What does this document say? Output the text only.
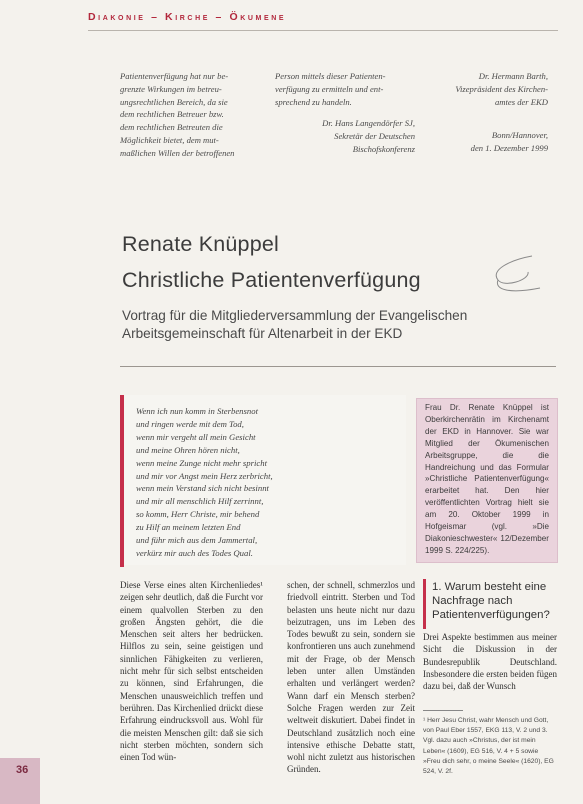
Diakonie – Kirche – Ökumene
Patientenverfügung hat nur be-
grenzte Wirkungen im betreu-
ungsrechtlichen Bereich, da sie
dem rechtlichen Betreuer bzw.
dem rechtlichen Betreuten die
Möglichkeit bietet, dem mut-
maßlichen Willen der betroffenen
Person mittels dieser Patienten-
verfügung zu ermitteln und ent-
sprechend zu handeln.
Dr. Hans Langendörfer SJ,
Sekretär der Deutschen
Bischofskonferenz
Dr. Hermann Barth,
Vizepräsident des Kirchen-
amtes der EKD
Bonn/Hannover,
den 1. Dezember 1999
Renate Knüppel
Christliche Patientenverfügung
Vortrag für die Mitgliederversammlung der Evangelischen Arbeitsgemeinschaft für Altenarbeit in der EKD
Wenn ich nun komm in Sterbensnot
und ringen werde mit dem Tod,
wenn mir vergeht all mein Gesicht
und meine Ohren hören nicht,
wenn meine Zunge nicht mehr spricht
und mir vor Angst mein Herz zerbricht,
wenn mein Verstand sich nicht besinnt
und mir all menschlich Hilf zerrinnt,
so komm, Herr Christe, mir behend
zu Hilf an meinem letzten End
und führ mich aus dem Jammertal,
verkürz mir auch des Todes Qual.
Frau Dr. Renate Knüppel ist Oberkirchenrätin im Kirchenamt der EKD in Hannover. Sie war Mitglied der Ökumenischen Arbeitsgruppe, die die Handreichung und das Formular »Christliche Patientenverfügung« erarbeitet hat. Den hier veröffentlichten Vortrag hielt sie am 20. Oktober 1999 in Hofgeismar (vgl. »Die Diakonieschwester« 12/Dezember 1999 S. 224/225).
Diese Verse eines alten Kirchenliedes¹ zeigen sehr deutlich, daß die Furcht vor einem qualvollen Sterben zu den großen Ängsten gehört, die die Menschen seit alters her bedrücken. Hilflos zu sein, seine geistigen und sinnlichen Fähigkeiten zu verlieren, nicht mehr für sich selbst entscheiden zu können, sind Erfahrungen, die Menschen unausweichlich treffen und berühren. Das Kirchenlied drückt diese Erfahrung eindrucksvoll aus. Wohl für die meisten Menschen gilt: daß sie sich nicht sterben möchten, sondern sich einen Tod wün-
schen, der schnell, schmerzlos und friedvoll eintritt. Sterben und Tod belasten uns heute nicht nur dazu beizutragen, uns im Leben des Todes bewußt zu sein, sondern sie konfrontieren uns auch zunehmend mit der Frage, ob der Mensch leben unter allen Umständen erhalten und verlängert werden? Wann darf ein Mensch sterben? Solche Fragen werden zur Zeit weltweit diskutiert. Dabei findet in Deutschland zusätzlich noch eine intensive ethische Debatte statt, wohl nicht zuletzt aus historischen Gründen.
1. Warum besteht eine Nachfrage nach Patientenverfügungen?
Drei Aspekte bestimmen aus meiner Sicht die Diskussion in der Bundesrepublik Deutschland. Insbesondere die ersten beiden fügen dazu bei, daß der Wunsch
¹ Herr Jesu Christ, wahr Mensch und Gott, von Paul Eber 1557, EKG 113, V. 2 und 3. Vgl. dazu auch »Christus, der ist mein Leben« (1609), EG 516, V. 4 + 5 sowie »Freu dich sehr, o meine Seele« (1620), EG 524, V. 2f.
36
